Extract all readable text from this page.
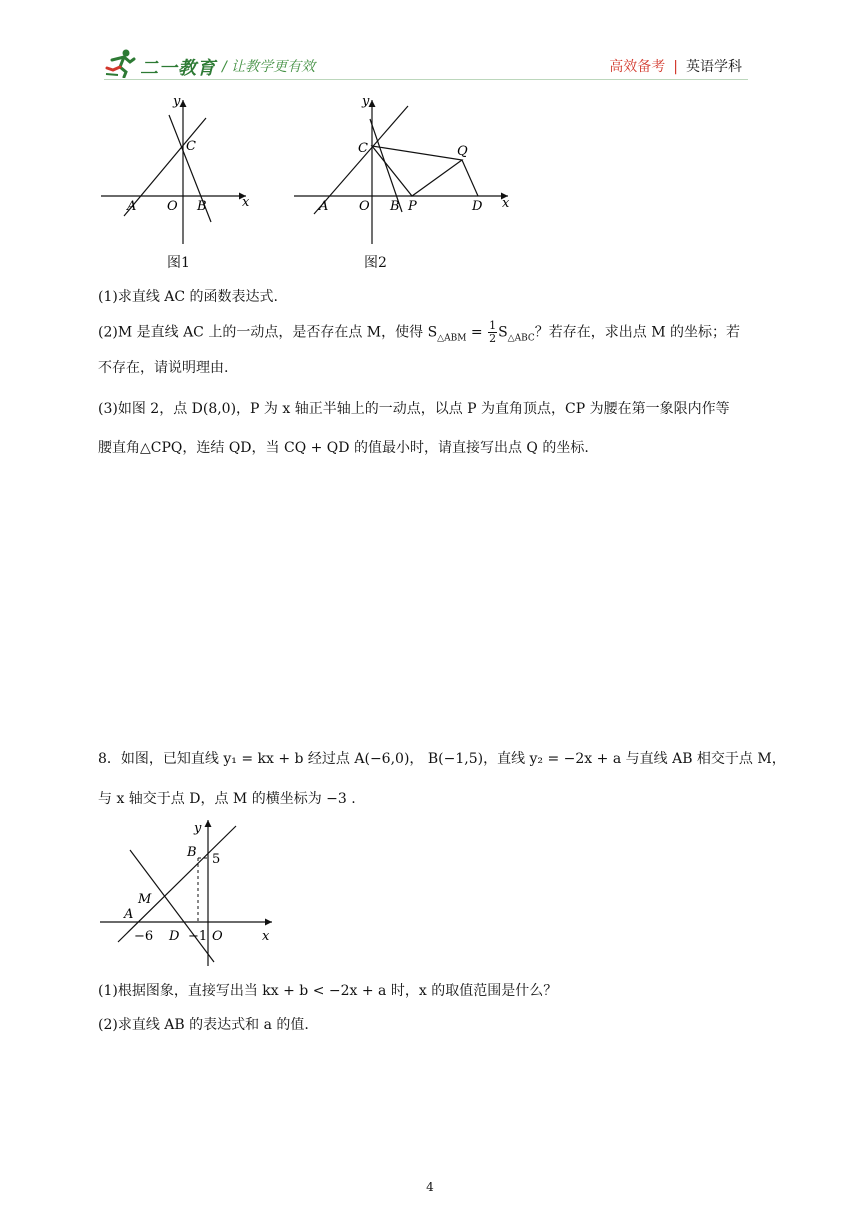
二一教育 / 让教学更有效	高效备考 | 英语学科
y
x
C
A O B
图1
y
x
C	Q
A O B P	D
图2
(1)求直线 AC 的函数表达式.
(2)M 是直线 AC 上的一动点，是否存在点 M，使得 $S_{\triangle ABM} = \frac{1}{2} S_{\triangle ABC}$？若存在，求出点 M 的坐标；若
不存在，请说明理由.
(3)如图 2，点 D(8,0)，P 为 x 轴正半轴上的一动点，以点 P 为直角顶点，CP 为腰在第一象限内作等
腰直角△CPQ，连结 QD，当 CQ + QD 的值最小时，请直接写出点 Q 的坐标.
8．如图，已知直线 y₁ = kx + b 经过点 A(−6,0)， B(−1,5)，直线 y₂ = −2x + a 与直线 AB 相交于点 M，
与 x 轴交于点 D，点 M 的横坐标为 −3 .
y
x
B 5
M
A
−6 D −1 O
(1)根据图象，直接写出当 kx + b < −2x + a 时，x 的取值范围是什么？
(2)求直线 AB 的表达式和 a 的值.
4
